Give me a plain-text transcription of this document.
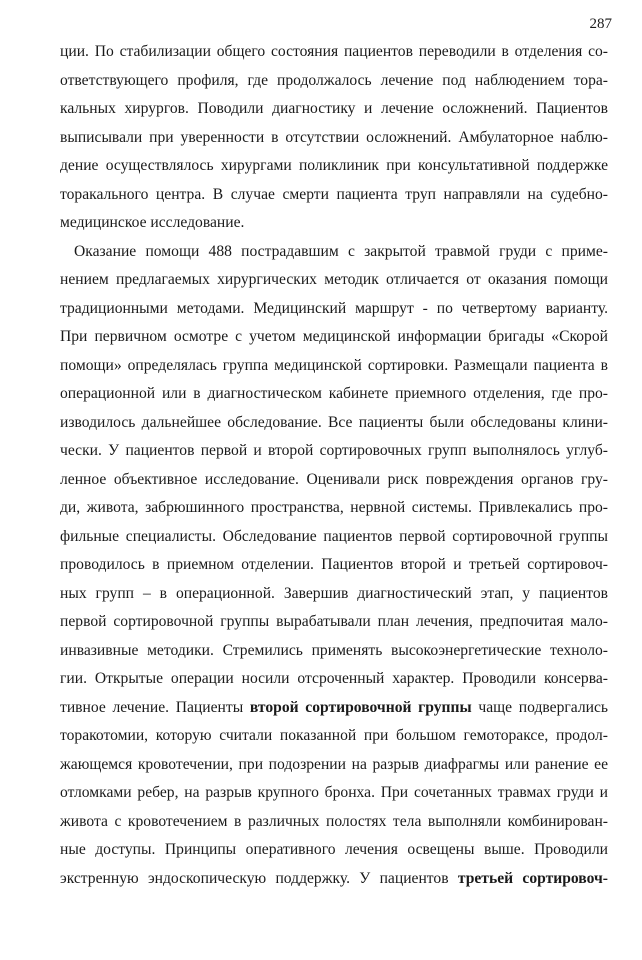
287
ции. По стабилизации общего состояния пациентов переводили в отделения со-
ответствующего профиля, где продолжалось лечение под наблюдением тора-
кальных хирургов. Поводили диагностику и лечение осложнений. Пациентов
выписывали при уверенности в отсутствии осложнений. Амбулаторное наблю-
дение осуществлялось хирургами поликлиник при консультативной поддержке
торакального центра. В случае смерти пациента труп направляли на судебно-
медицинское исследование.
Оказание помощи 488 пострадавшим с закрытой травмой груди с приме-
нением предлагаемых хирургических методик отличается от оказания помощи
традиционными методами. Медицинский маршрут - по четвертому варианту.
При первичном осмотре с учетом медицинской информации бригады «Скорой
помощи» определялась группа медицинской сортировки. Размещали пациента в
операционной или в диагностическом кабинете приемного отделения, где про-
изводилось дальнейшее обследование. Все пациенты были обследованы клини-
чески. У пациентов первой и второй сортировочных групп выполнялось углуб-
ленное объективное исследование. Оценивали риск повреждения органов гру-
ди, живота, забрюшинного пространства, нервной системы. Привлекались про-
фильные специалисты. Обследование пациентов первой сортировочной группы
проводилось в приемном отделении. Пациентов второй и третьей сортировоч-
ных групп – в операционной. Завершив диагностический этап, у пациентов
первой сортировочной группы вырабатывали план лечения, предпочитая мало-
инвазивные методики. Стремились применять высокоэнергетические техноло-
гии. Открытые операции носили отсроченный характер. Проводили консерва-
тивное лечение. Пациенты второй сортировочной группы чаще подвергались
торакотомии, которую считали показанной при большом гемотораксе, продол-
жающемся кровотечении, при подозрении на разрыв диафрагмы или ранение ее
отломками ребер, на разрыв крупного бронха. При сочетанных травмах груди и
живота с кровотечением в различных полостях тела выполняли комбинирован-
ные доступы. Принципы оперативного лечения освещены выше. Проводили
экстренную эндоскопическую поддержку. У пациентов третьей сортировоч-
